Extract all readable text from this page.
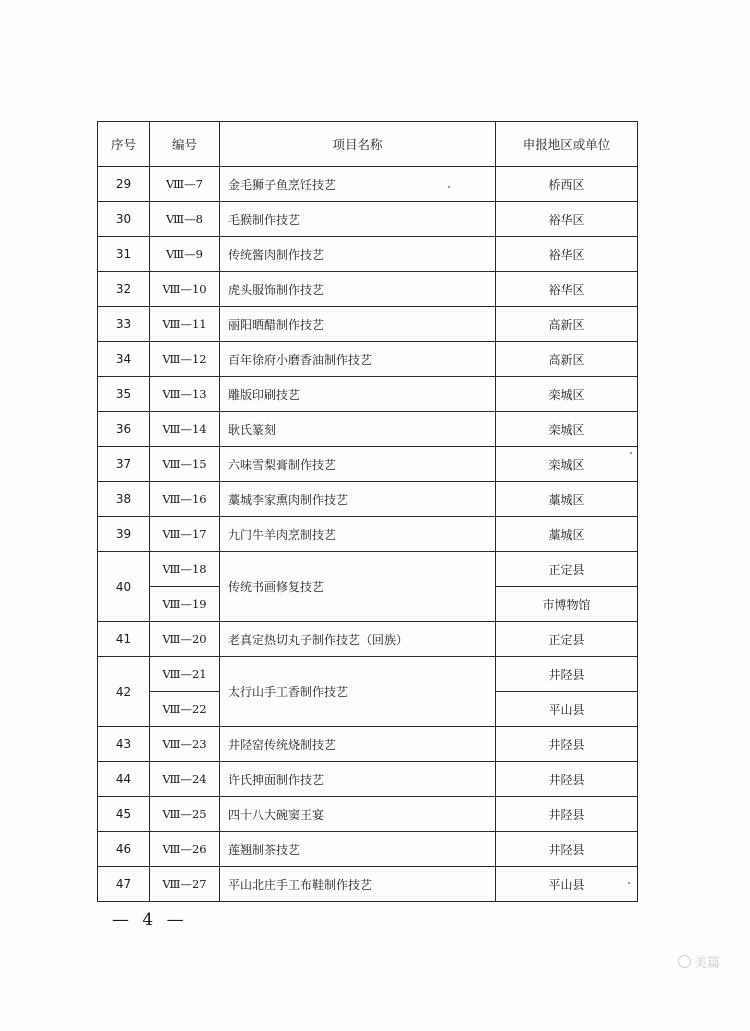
序号	编号	项目名称	申报地区或单位
29	Ⅷ—7	金毛狮子鱼烹饪技艺	桥西区
30	Ⅷ—8	毛猴制作技艺	裕华区
31	Ⅷ—9	传统酱肉制作技艺	裕华区
32	Ⅷ—10	虎头服饰制作技艺	裕华区
33	Ⅷ—11	丽阳晒醋制作技艺	高新区
34	Ⅷ—12	百年徐府小磨香油制作技艺	高新区
35	Ⅷ—13	雕版印刷技艺	栾城区
36	Ⅷ—14	耿氏篆刻	栾城区
37	Ⅷ—15	六味雪梨膏制作技艺	栾城区
38	Ⅷ—16	藁城李家熏肉制作技艺	藁城区
39	Ⅷ—17	九门牛羊肉烹制技艺	藁城区
40	Ⅷ—18	传统书画修复技艺	正定县
	Ⅷ—19		市博物馆
41	Ⅷ—20	老真定热切丸子制作技艺（回族）	正定县
42	Ⅷ—21	太行山手工香制作技艺	井陉县
	Ⅷ—22		平山县
43	Ⅷ—23	井陉窑传统烧制技艺	井陉县
44	Ⅷ—24	许氏抻面制作技艺	井陉县
45	Ⅷ—25	四十八大碗窦王宴	井陉县
46	Ⅷ—26	莲翘制茶技艺	井陉县
47	Ⅷ—27	平山北庄手工布鞋制作技艺	平山县
— 4 —
美篇
